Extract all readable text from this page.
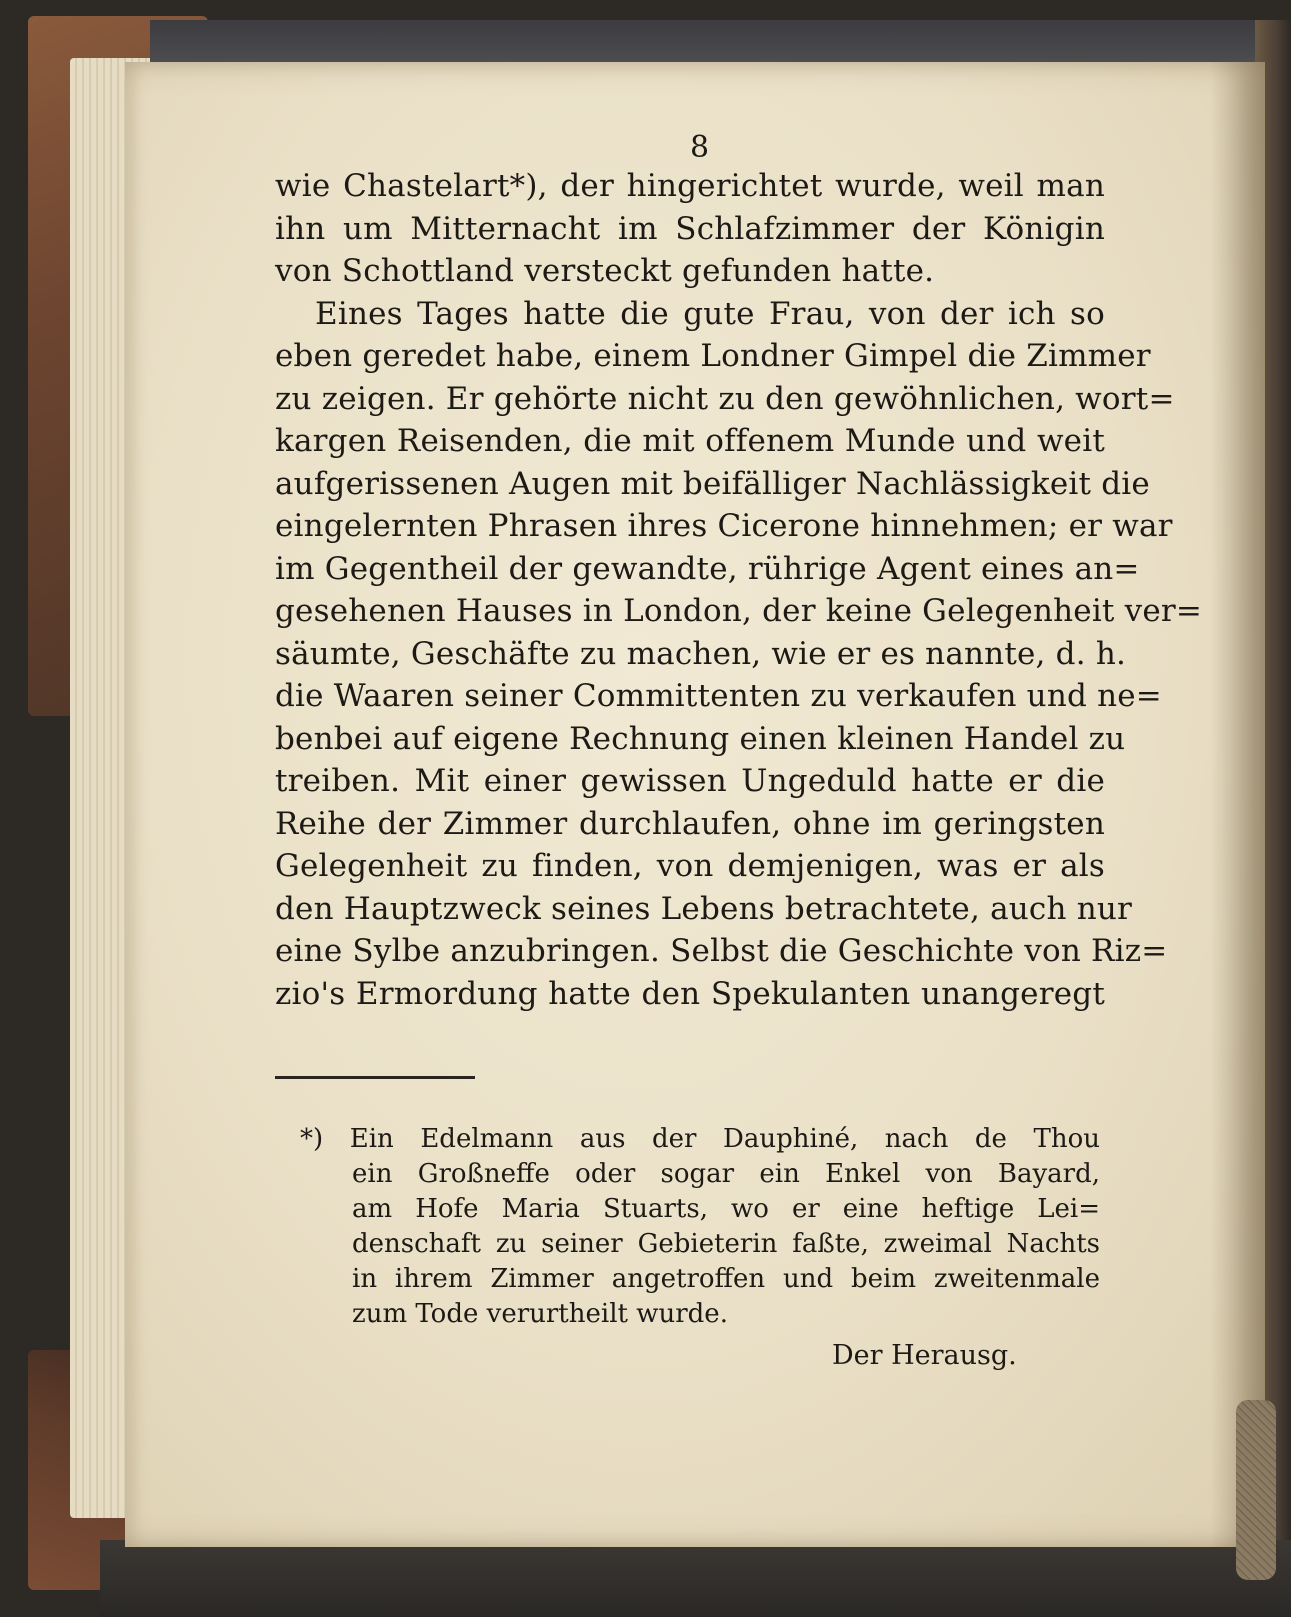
8
wie Chastelart*), der hingerichtet wurde, weil man
ihn um Mitternacht im Schlafzimmer der Königin
von Schottland versteckt gefunden hatte.
Eines Tages hatte die gute Frau, von der ich so
eben geredet habe, einem Londner Gimpel die Zimmer
zu zeigen. Er gehörte nicht zu den gewöhnlichen, wort=
kargen Reisenden, die mit offenem Munde und weit
aufgerissenen Augen mit beifälliger Nachlässigkeit die
eingelernten Phrasen ihres Cicerone hinnehmen; er war
im Gegentheil der gewandte, rührige Agent eines an=
gesehenen Hauses in London, der keine Gelegenheit ver=
säumte, Geschäfte zu machen, wie er es nannte, d. h.
die Waaren seiner Committenten zu verkaufen und ne=
benbei auf eigene Rechnung einen kleinen Handel zu
treiben. Mit einer gewissen Ungeduld hatte er die
Reihe der Zimmer durchlaufen, ohne im geringsten
Gelegenheit zu finden, von demjenigen, was er als
den Hauptzweck seines Lebens betrachtete, auch nur
eine Sylbe anzubringen. Selbst die Geschichte von Riz=
zio's Ermordung hatte den Spekulanten unangeregt
*) Ein Edelmann aus der Dauphiné, nach de Thou
ein Großneffe oder sogar ein Enkel von Bayard,
am Hofe Maria Stuarts, wo er eine heftige Lei=
denschaft zu seiner Gebieterin faßte, zweimal Nachts
in ihrem Zimmer angetroffen und beim zweitenmale
zum Tode verurtheilt wurde.
Der Herausg.
